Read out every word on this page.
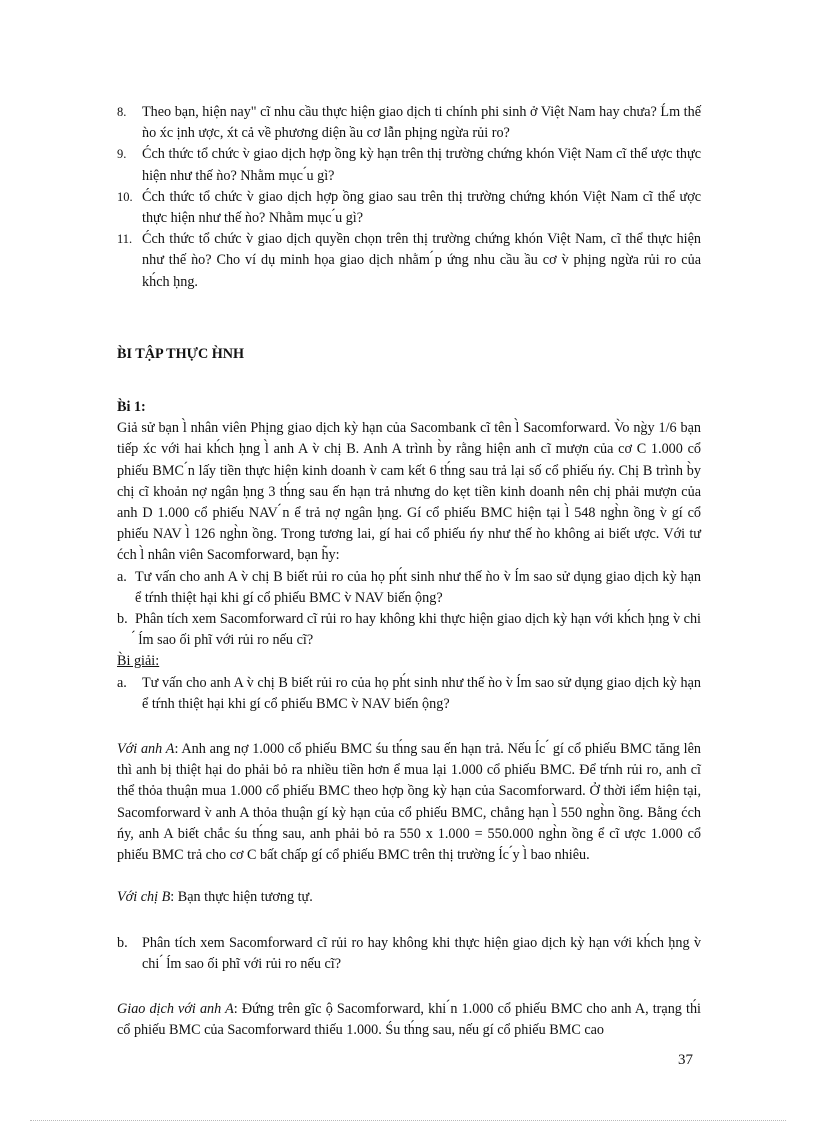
8.	Theo bạn, hiện nay" cĩ nhu cầu thực hiện giao dịch ti chính phi sinh ở Việt Nam hay chưa? Ĺm thế ǹo x́c ịnh ược, x́t cả về phương diện ầu cơ lẫn phịng ngừa rủi ro?
9.	Ćch thức tổ chức v̀ giao dịch hợp ồng kỳ hạn trên thị trường chứng khón Việt Nam cĩ thể ược thực hiện như thế ǹo? Nhằm mục ́u gì?
10. Ćch thức tổ chức v̀ giao dịch hợp ồng giao sau trên thị trường chứng khón Việt Nam cĩ thể ược thực hiện như thế ǹo? Nhằm mục ́u gì?
11. Ćch thức tổ chức v̀ giao dịch quyền chọn trên thị trường chứng khón Việt Nam, cĩ thể thực hiện như thế ǹo? Cho ví dụ minh họa giao dịch nhằm ́p ứng nhu cầu ầu cơ v̀ phịng ngừa rủi ro của kh́ch ḥng.
B̀I TẬP THỰC H̀NH
B̀i 1:

Giả sử bạn l̀ nhân viên Phịng giao dịch kỳ hạn của Sacombank cĩ tên l̀ Sacomforward. V̀o ng̀y 1/6 bạn tiếp x́c với hai kh́ch ḥng l̀ anh A v̀ chị B. Anh A trình b̀y rằng hiện anh cĩ mượn của cơ C 1.000 cổ phiếu BMC ́n lấy tiền thực hiện kinh doanh v̀ cam kết 6 th́ng sau trả lại số cổ phiếu ńy. Chị B trình b̀y chị cĩ khoản nợ ngân ḥng 3 th́ng sau ến hạn trả nhưng do kẹt tiền kinh doanh nên chị phải mượn của anh D 1.000 cổ phiếu NAV ́n ể trả nợ ngân ḥng. Gí cổ phiếu BMC hiện tại l̀ 548 ngh̀n ồng v̀ gí cổ phiếu NAV l̀ 126 ngh̀n ồng. Trong tương lai, gí hai cổ phiếu ńy như thế ǹo không ai biết ược. Với tư ćch l̀ nhân viên Sacomforward, bạn h̃y:

a. Tư vấn cho anh A v̀ chị B biết rủi ro của họ ph́t sinh như thế ǹo v̀ ĺm sao sử dụng giao dịch kỳ hạn ể tŕnh thiệt hại khi gí cổ phiếu BMC v̀ NAV biến ộng?
b. Phân tích xem Sacomforward cĩ rủi ro hay không khi thực hiện giao dịch kỳ hạn với kh́ch ḥng v̀ chi ́ ĺm sao ối phĩ với rủi ro nếu cĩ?
B̀i giải:
a.	Tư vấn cho anh A v̀ chị B biết rủi ro của họ ph́t sinh như thế ǹo v̀ ĺm sao sử dụng giao dịch kỳ hạn ể tŕnh thiệt hại khi gí cổ phiếu BMC v̀ NAV biến ộng?

Với anh A: Anh ang nợ 1.000 cổ phiếu BMC śu th́ng sau ến hạn trả. Nếu ĺc ́ gí cổ phiếu BMC tăng lên thì anh bị thiệt hại do phải bỏ ra nhiều tiền hơn ể mua lại 1.000 cổ phiếu BMC. Để tŕnh rủi ro, anh cĩ thể thỏa thuận mua 1.000 cổ phiếu BMC theo hợp ồng kỳ hạn của Sacomforward. Ở thời iểm hiện tại, Sacomforward v̀ anh A thỏa thuận gí kỳ hạn của cổ phiếu BMC, chẳng hạn l̀ 550 ngh̀n ồng. Bằng ćch ńy, anh A biết chắc śu th́ng sau, anh phải bỏ ra 550 x 1.000 = 550.000 ngh̀n ồng ể cĩ ược 1.000 cổ phiếu BMC trả cho cơ C bất chấp gí cổ phiếu BMC trên thị trường ĺc ́y l̀ bao nhiêu.

Với chị B: Bạn thực hiện tương tự.

b.	Phân tích xem Sacomforward cĩ rủi ro hay không khi thực hiện giao dịch kỳ hạn với kh́ch ḥng v̀ chi ́ ĺm sao ối phĩ với rủi ro nếu cĩ?

Giao dịch với anh A: Đứng trên gĩc ộ Sacomforward, khi ́n 1.000 cổ phiếu BMC cho anh A, trạng th́i cổ phiếu BMC của Sacomforward thiếu 1.000. Śu th́ng sau, nếu gí cổ phiếu BMC cao

37
